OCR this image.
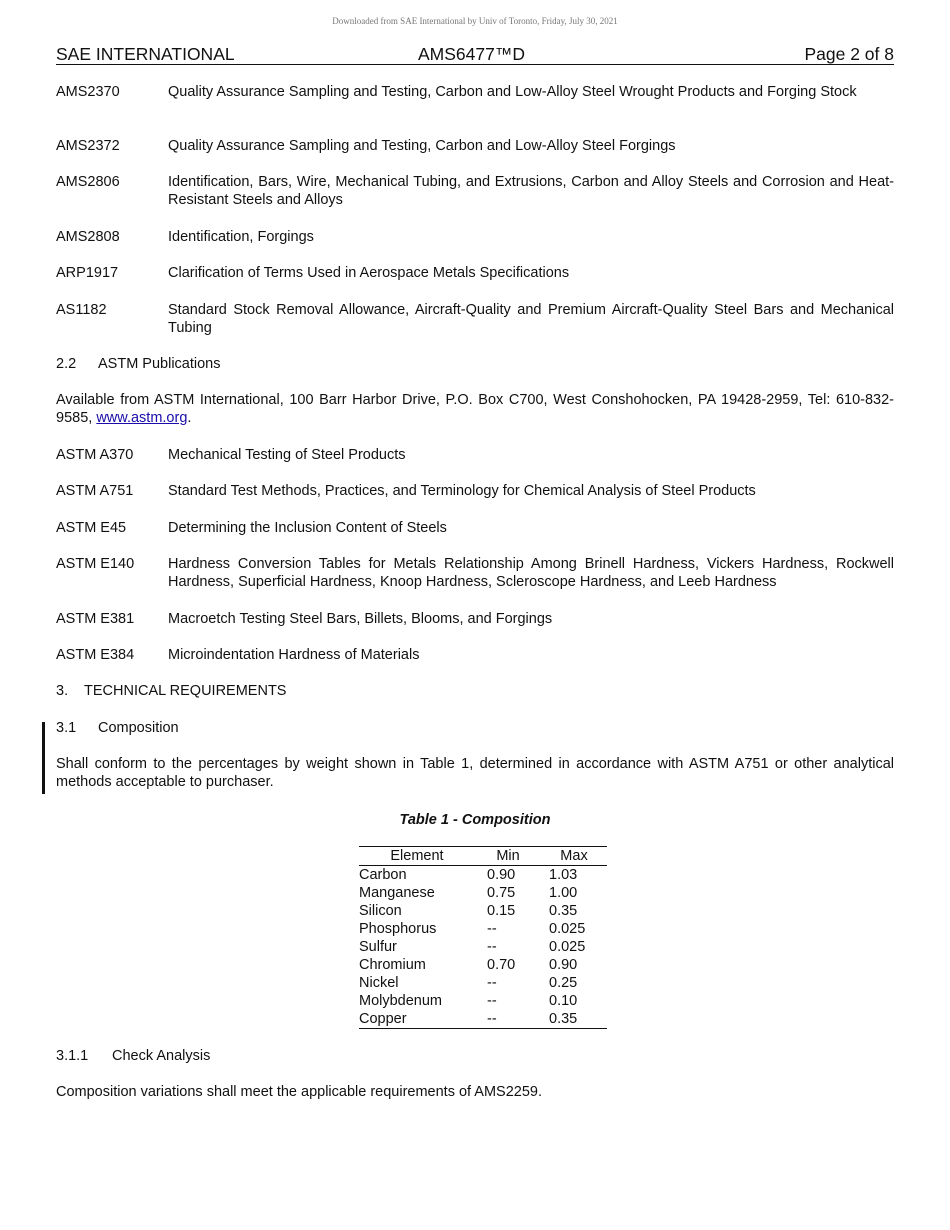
Downloaded from SAE International by Univ of Toronto, Friday, July 30, 2021
SAE INTERNATIONAL	AMS6477™D	Page 2 of 8
AMS2370	Quality Assurance Sampling and Testing, Carbon and Low-Alloy Steel Wrought Products and Forging Stock
AMS2372	Quality Assurance Sampling and Testing, Carbon and Low-Alloy Steel Forgings
AMS2806	Identification, Bars, Wire, Mechanical Tubing, and Extrusions, Carbon and Alloy Steels and Corrosion and Heat-Resistant Steels and Alloys
AMS2808	Identification, Forgings
ARP1917	Clarification of Terms Used in Aerospace Metals Specifications
AS1182	Standard Stock Removal Allowance, Aircraft-Quality and Premium Aircraft-Quality Steel Bars and Mechanical Tubing
2.2 ASTM Publications
Available from ASTM International, 100 Barr Harbor Drive, P.O. Box C700, West Conshohocken, PA 19428-2959, Tel: 610-832-9585, www.astm.org.
ASTM A370	Mechanical Testing of Steel Products
ASTM A751	Standard Test Methods, Practices, and Terminology for Chemical Analysis of Steel Products
ASTM E45	Determining the Inclusion Content of Steels
ASTM E140	Hardness Conversion Tables for Metals Relationship Among Brinell Hardness, Vickers Hardness, Rockwell Hardness, Superficial Hardness, Knoop Hardness, Scleroscope Hardness, and Leeb Hardness
ASTM E381	Macroetch Testing Steel Bars, Billets, Blooms, and Forgings
ASTM E384	Microindentation Hardness of Materials
3. TECHNICAL REQUIREMENTS
3.1 Composition
Shall conform to the percentages by weight shown in Table 1, determined in accordance with ASTM A751 or other analytical methods acceptable to purchaser.
Table 1 - Composition
Element	Min	Max
Carbon	0.90	1.03
Manganese	0.75	1.00
Silicon	0.15	0.35
Phosphorus	--	0.025
Sulfur	--	0.025
Chromium	0.70	0.90
Nickel	--	0.25
Molybdenum	--	0.10
Copper	--	0.35
3.1.1 Check Analysis
Composition variations shall meet the applicable requirements of AMS2259.
